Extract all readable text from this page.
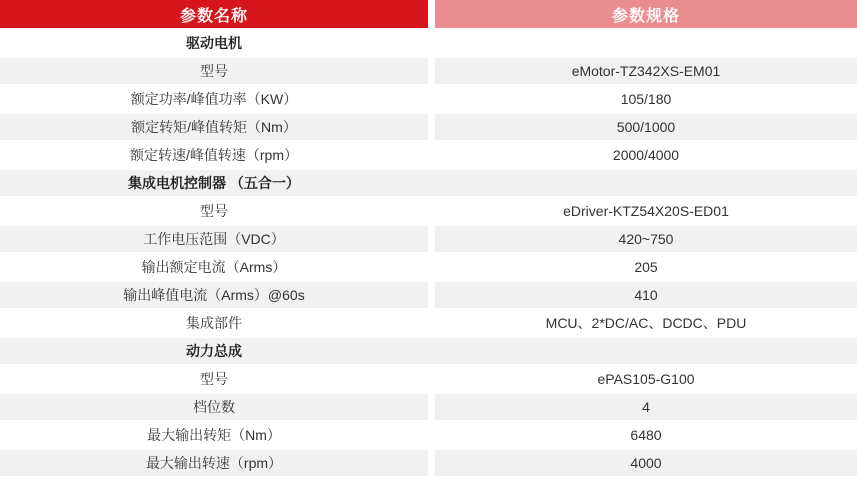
参数名称	参数规格
驱动电机
型号	eMotor-TZ342XS-EM01
额定功率/峰值功率（KW）	105/180
额定转矩/峰值转矩（Nm）	500/1000
额定转速/峰值转速（rpm）	2000/4000
集成电机控制器 （五合一）
型号	eDriver-KTZ54X20S-ED01
工作电压范围（VDC）	420~750
输出额定电流（Arms）	205
输出峰值电流（Arms）@60s	410
集成部件	MCU、2*DC/AC、DCDC、PDU
动力总成
型号	ePAS105-G100
档位数	4
最大输出转矩（Nm）	6480
最大输出转速（rpm）	4000
